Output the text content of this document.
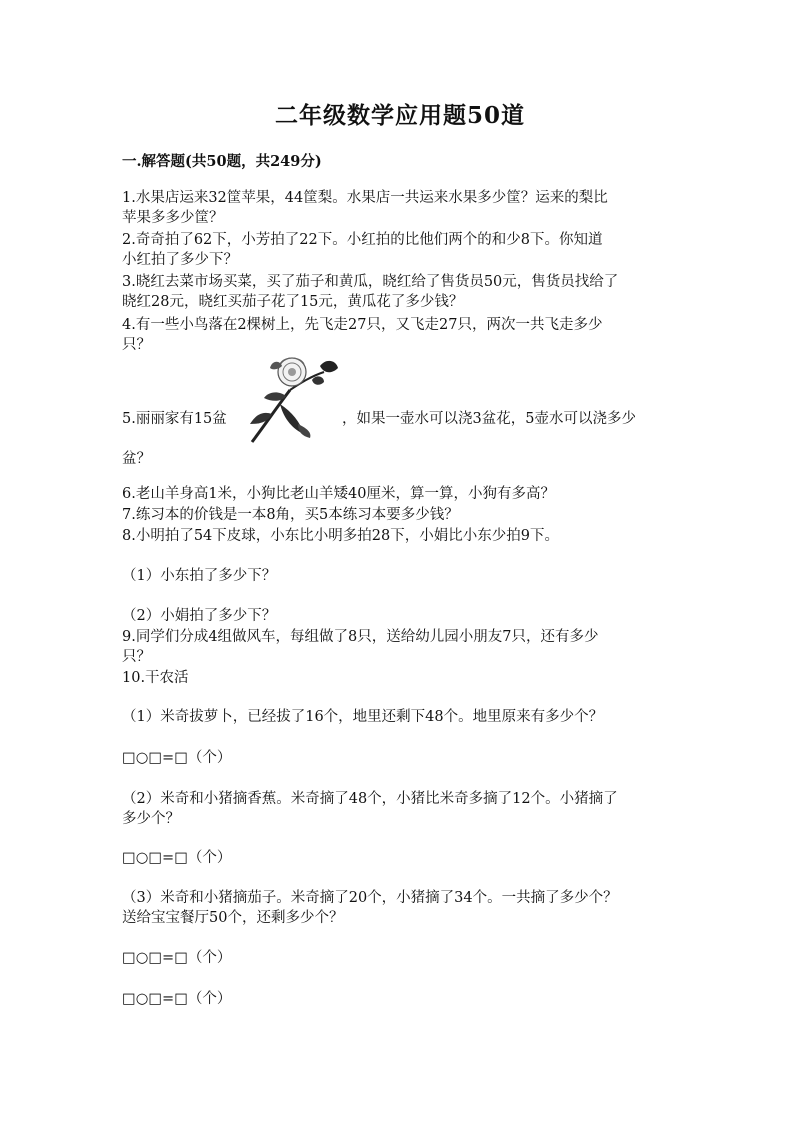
二年级数学应用题50道
一.解答题(共50题，共249分)
1.水果店运来32筐苹果，44筐梨。水果店一共运来水果多少筐？运来的梨比
苹果多多少筐？
2.奇奇拍了62下，小芳拍了22下。小红拍的比他们两个的和少8下。你知道
小红拍了多少下？
3.晓红去菜市场买菜，买了茄子和黄瓜，晓红给了售货员50元，售货员找给了
晓红28元，晓红买茄子花了15元，黄瓜花了多少钱？
4.有一些小鸟落在2棵树上，先飞走27只，又飞走27只，两次一共飞走多少
只？
5.丽丽家有15盆	，如果一壶水可以浇3盆花，5壶水可以浇多少
盆？
6.老山羊身高1米，小狗比老山羊矮40厘米，算一算，小狗有多高？
7.练习本的价钱是一本8角，买5本练习本要多少钱？
8.小明拍了54下皮球，小东比小明多拍28下，小娟比小东少拍9下。
（1）小东拍了多少下？
（2）小娟拍了多少下？
9.同学们分成4组做风车，每组做了8只，送给幼儿园小朋友7只，还有多少
只？
10.干农活
（1）米奇拔萝卜，已经拔了16个，地里还剩下48个。地里原来有多少个？
□○□=□（个）
（2）米奇和小猪摘香蕉。米奇摘了48个，小猪比米奇多摘了12个。小猪摘了
多少个？
□○□=□（个）
（3）米奇和小猪摘茄子。米奇摘了20个，小猪摘了34个。一共摘了多少个？
送给宝宝餐厅50个，还剩多少个？
□○□=□（个）
□○□=□（个）
